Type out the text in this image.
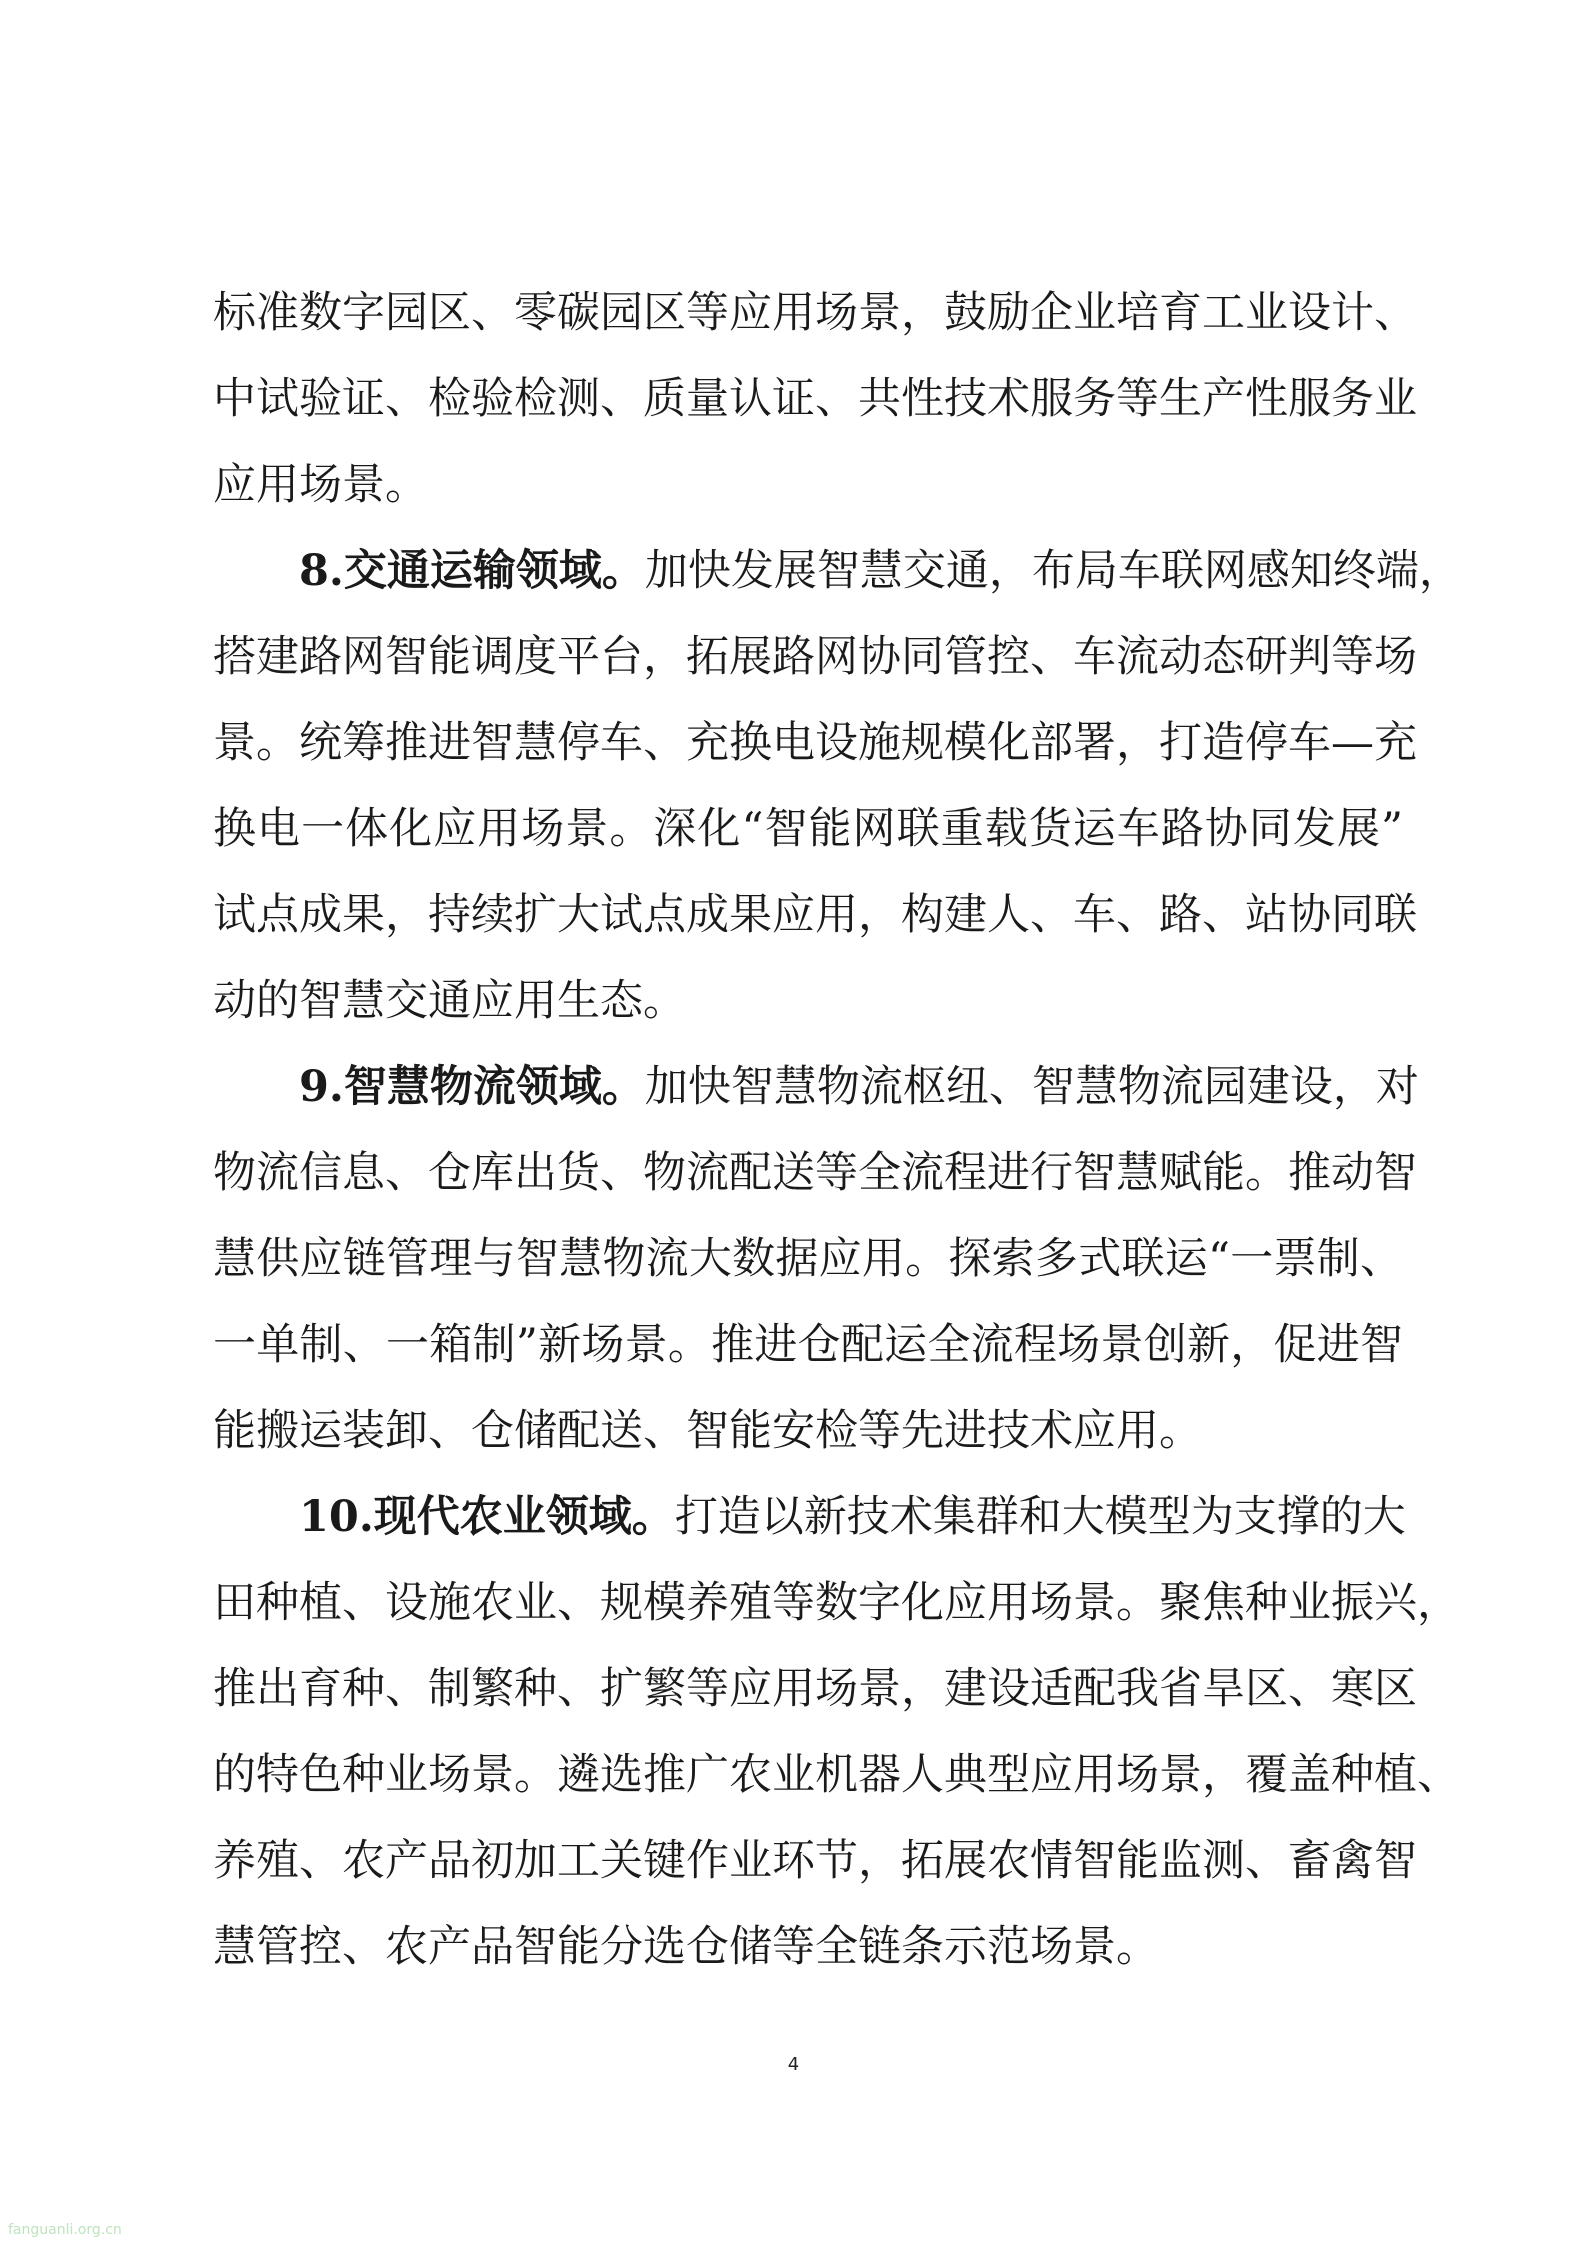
标准数字园区、零碳园区等应用场景，鼓励企业培育工业设计、
中试验证、检验检测、质量认证、共性技术服务等生产性服务业
应用场景。
8.交通运输领域。加快发展智慧交通，布局车联网感知终端，
搭建路网智能调度平台，拓展路网协同管控、车流动态研判等场
景。统筹推进智慧停车、充换电设施规模化部署，打造停车—充
换电一体化应用场景。深化“智能网联重载货运车路协同发展”
试点成果，持续扩大试点成果应用，构建人、车、路、站协同联
动的智慧交通应用生态。
9.智慧物流领域。加快智慧物流枢纽、智慧物流园建设，对
物流信息、仓库出货、物流配送等全流程进行智慧赋能。推动智
慧供应链管理与智慧物流大数据应用。探索多式联运“一票制、
一单制、一箱制”新场景。推进仓配运全流程场景创新，促进智
能搬运装卸、仓储配送、智能安检等先进技术应用。
10.现代农业领域。打造以新技术集群和大模型为支撑的大
田种植、设施农业、规模养殖等数字化应用场景。聚焦种业振兴，
推出育种、制繁种、扩繁等应用场景，建设适配我省旱区、寒区
的特色种业场景。遴选推广农业机器人典型应用场景，覆盖种植、
养殖、农产品初加工关键作业环节，拓展农情智能监测、畜禽智
慧管控、农产品智能分选仓储等全链条示范场景。
4
fanguanli.org.cn
